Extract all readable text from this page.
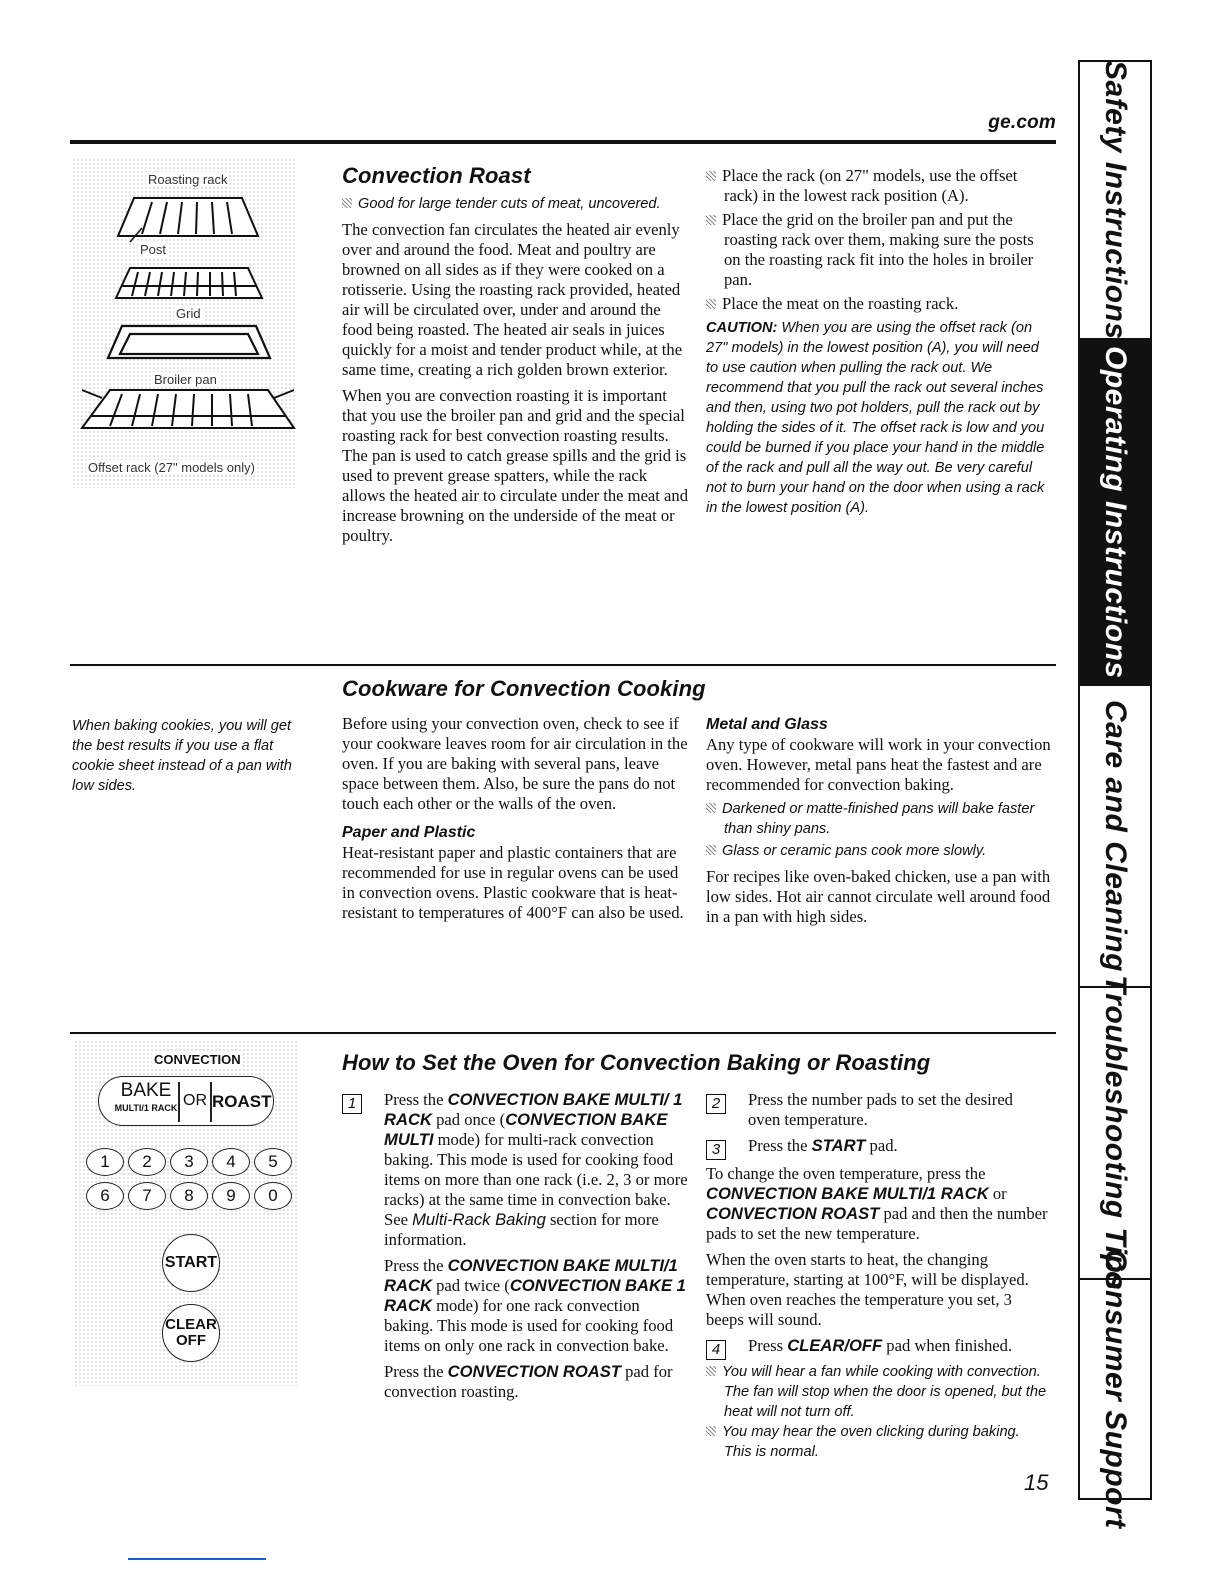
ge.com Safety Instructions
Operating Instructions
Care and Cleaning
Troubleshooting Tips
Consumer Support
Roasting rack
Post
Grid
Broiler pan
Offset rack (27" models only)
Convection Roast

Good for large tender cuts of meat, uncovered.

The convection fan circulates the heated air evenly over and around the food. Meat and poultry are browned on all sides as if they were cooked on a rotisserie. Using the roasting rack provided, heated air will be circulated over, under and around the food being roasted. The heated air seals in juices quickly for a moist and tender product while, at the same time, creating a rich golden brown exterior.

When you are convection roasting it is important that you use the broiler pan and grid and the special roasting rack for best convection roasting results. The pan is used to catch grease spills and the grid is used to prevent grease spatters, while the rack allows the heated air to circulate under the meat and increase browning on the underside of the meat or poultry.

Place the rack (on 27" models, use the offset rack) in the lowest rack position (A).

Place the grid on the broiler pan and put the roasting rack over them, making sure the posts on the roasting rack fit into the holes in broiler pan.

Place the meat on the roasting rack.

CAUTION: When you are using the offset rack (on 27" models) in the lowest position (A), you will need to use caution when pulling the rack out. We recommend that you pull the rack out several inches and then, using two pot holders, pull the rack out by holding the sides of it. The offset rack is low and you could be burned if you place your hand in the middle of the rack and pull all the way out. Be very careful not to burn your hand on the door when using a rack in the lowest position (A).

When baking cookies, you will get the best results if you use a flat cookie sheet instead of a pan with low sides.

Cookware for Convection Cooking

Before using your convection oven, check to see if your cookware leaves room for air circulation in the oven. If you are baking with several pans, leave space between them. Also, be sure the pans do not touch each other or the walls of the oven.

Paper and Plastic

Heat-resistant paper and plastic containers that are recommended for use in regular ovens can be used in convection ovens. Plastic cookware that is heat-resistant to temperatures of 400°F can also be used.

Metal and Glass

Any type of cookware will work in your convection oven. However, metal pans heat the fastest and are recommended for convection baking.

Darkened or matte-finished pans will bake faster than shiny pans.

Glass or ceramic pans cook more slowly.

For recipes like oven-baked chicken, use a pan with low sides. Hot air cannot circulate well around food in a pan with high sides.

CONVECTION
BAKE
MULTI/1 RACK OR ROAST
1	2	3	4	5
6	7	8	9	0
START
CLEAR
OFF
How to Set the Oven for Convection Baking or Roasting
1	Press the CONVECTION BAKE MULTI/ 1 RACK pad once (CONVECTION BAKE MULTI mode) for multi-rack convection baking. This mode is used for cooking food items on more than one rack (i.e. 2, 3 or more racks) at the same time in convection bake. See Multi-Rack Baking section for more information.

Press the CONVECTION BAKE MULTI/1 RACK pad twice (CONVECTION BAKE 1 RACK mode) for one rack convection baking. This mode is used for cooking food items on only one rack in convection bake.

Press the CONVECTION ROAST pad for convection roasting.

2	Press the number pads to set the desired oven temperature.

3	Press the START pad.

To change the oven temperature, press the CONVECTION BAKE MULTI/1 RACK or CONVECTION ROAST pad and then the number pads to set the new temperature.

When the oven starts to heat, the changing temperature, starting at 100°F, will be displayed. When oven reaches the temperature you set, 3 beeps will sound.

4	Press CLEAR/OFF pad when finished.

You will hear a fan while cooking with convection. The fan will stop when the door is opened, but the heat will not turn off.

You may hear the oven clicking during baking. This is normal.

15
